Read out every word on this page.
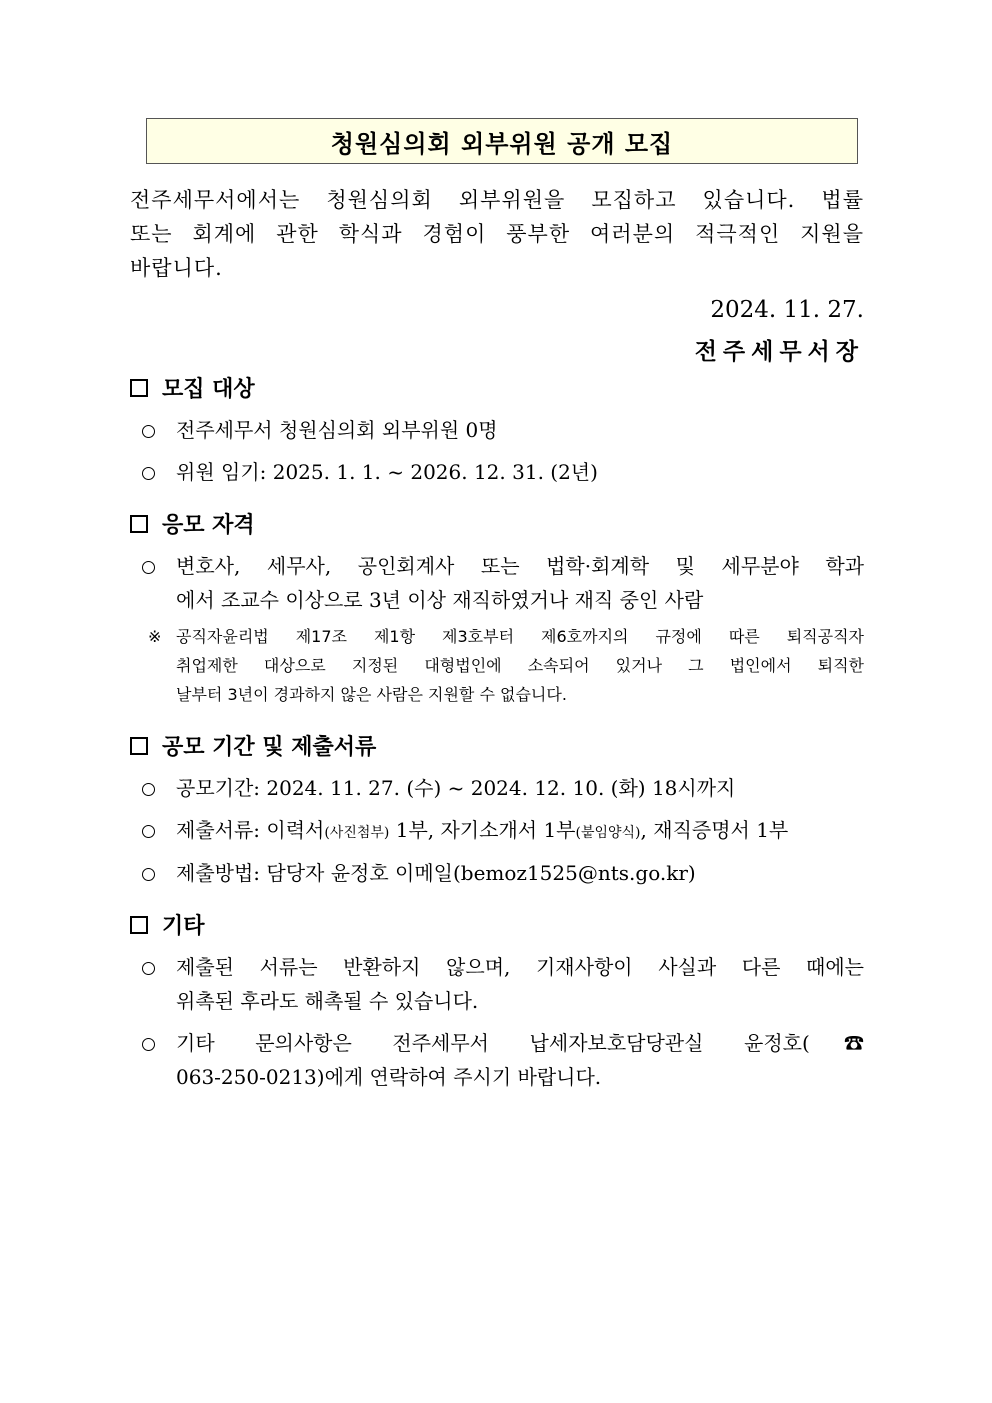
청원심의회 외부위원 공개 모집
전주세무서에서는 청원심의회 외부위원을 모집하고 있습니다. 법률
또는 회계에 관한 학식과 경험이 풍부한 여러분의 적극적인 지원을
바랍니다.
2024. 11. 27.
전주세무서장
모집 대상
전주세무서 청원심의회 외부위원 0명
위원 임기: 2025. 1. 1. ~ 2026. 12. 31. (2년)
응모 자격
변호사, 세무사, 공인회계사 또는 법학·회계학 및 세무분야 학과
에서 조교수 이상으로 3년 이상 재직하였거나 재직 중인 사람
※ 공직자윤리법 제17조 제1항 제3호부터 제6호까지의 규정에 따른 퇴직공직자
취업제한 대상으로 지정된 대형법인에 소속되어 있거나 그 법인에서 퇴직한
날부터 3년이 경과하지 않은 사람은 지원할 수 없습니다.
공모 기간 및 제출서류
공모기간: 2024. 11. 27. (수) ~ 2024. 12. 10. (화) 18시까지
제출서류: 이력서(사진첨부) 1부, 자기소개서 1부(붙임양식), 재직증명서 1부
제출방법: 담당자 윤정호 이메일(bemoz1525@nts.go.kr)
기타
제출된 서류는 반환하지 않으며, 기재사항이 사실과 다른 때에는
위촉된 후라도 해촉될 수 있습니다.
기타 문의사항은 전주세무서 납세자보호담당관실 윤정호(☎
063-250-0213)에게 연락하여 주시기 바랍니다.
